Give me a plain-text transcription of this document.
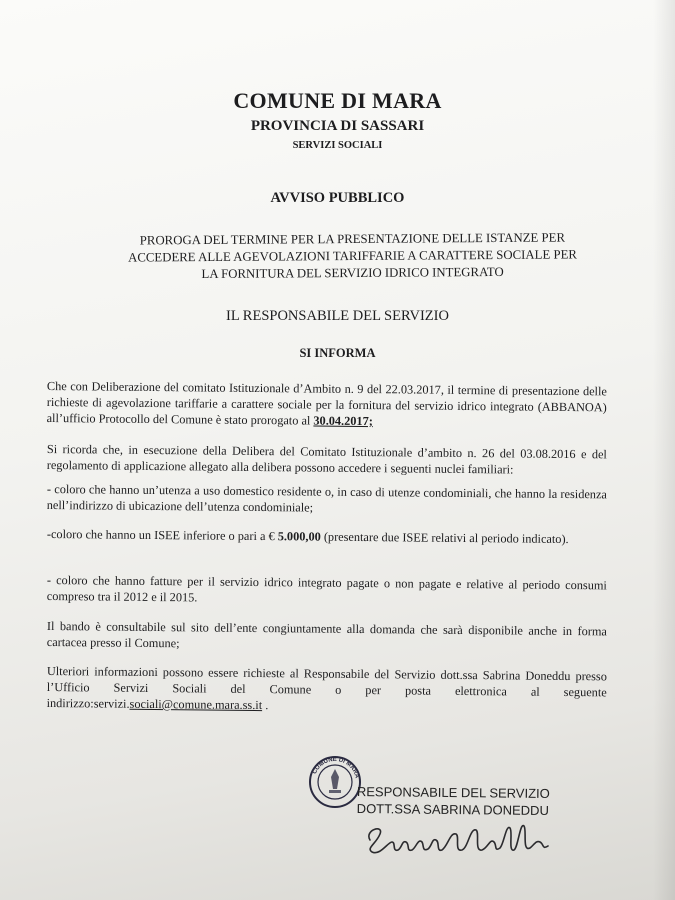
COMUNE DI MARA
PROVINCIA DI SASSARI
SERVIZI SOCIALI
AVVISO PUBBLICO
PROROGA DEL TERMINE PER LA PRESENTAZIONE DELLE ISTANZE PER ACCEDERE ALLE AGEVOLAZIONI TARIFFARIE A CARATTERE SOCIALE PER LA FORNITURA DEL SERVIZIO IDRICO INTEGRATO
IL RESPONSABILE DEL SERVIZIO
SI INFORMA
Che con Deliberazione del comitato Istituzionale d’Ambito n. 9 del 22.03.2017, il termine di presentazione delle richieste di agevolazione tariffarie a carattere sociale per la fornitura del servizio idrico integrato (ABBANOA) all’ufficio Protocollo del Comune è stato prorogato al 30.04.2017;
Si ricorda che, in esecuzione della Delibera del Comitato Istituzionale d’ambito n. 26 del 03.08.2016 e del regolamento di applicazione allegato alla delibera possono accedere i seguenti nuclei familiari:
- coloro che hanno un’utenza a uso domestico residente o, in caso di utenze condominiali, che hanno la residenza nell’indirizzo di ubicazione dell’utenza condominiale;
-coloro che hanno un ISEE inferiore o pari a € 5.000,00 (presentare due ISEE relativi al periodo indicato).
- coloro che hanno fatture per il servizio idrico integrato pagate o non pagate e relative al periodo consumi compreso tra il 2012 e il 2015.
Il bando è consultabile sul sito dell’ente congiuntamente alla domanda che sarà disponibile anche in forma cartacea presso il Comune;
Ulteriori informazioni possono essere richieste al Responsabile del Servizio dott.ssa Sabrina Doneddu presso l’Ufficio Servizi Sociali del Comune o per posta elettronica al seguente indirizzo:servizi.sociali@comune.mara.ss.it .
COMUNE DI MARA
RESPONSABILE DEL SERVIZIO
DOTT.SSA SABRINA DONEDDU
